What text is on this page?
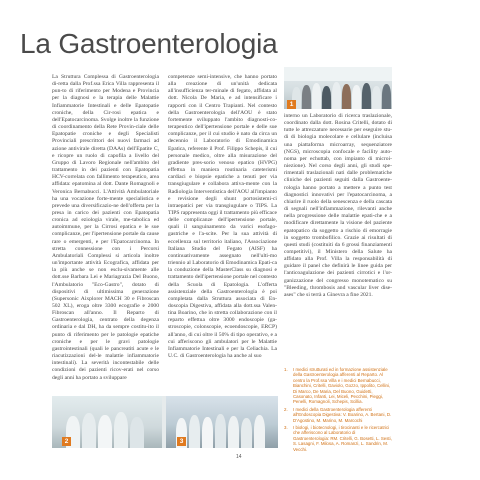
La Gastroenterologia

La Struttura Complessa di Gastroenterologia di-retta dalla Prof.ssa Erica Villa rappresenta il pun-to di riferimento per Modena e Provincia per la diagnosi e la terapia delle Malattie Infiammatorie Intestinali e delle Epatopatie croniche, della Cir-rosi epatica e dell'Epatocarcinoma. Svolge inoltre la funzione di coordinamento della Rete Provin-ciale delle Epatopatie croniche e degli Specialisti Provinciali prescrittori dei nuovi farmaci ad azione antivirale diretta (DAAs) dell'Epatite C, e ricopre un ruolo di capofila a livello del Gruppo di Lavoro Regionale nell'ambito del trattamento in dei pazienti con Epatopatia HCV-correlata con fallimento terapeutico, area affidata: epatomina al dott. Dante Romagnoli e Veronica Bernabucci. L'Attività Ambulatoriale ha una vocazione forte-mente specialistica e prevede una diversificazio-ne dell'offerta per la presa in carico dei pazienti con Epatopatia cronica ad eziologia virale, me-tabolica ed autoimmune, per la Cirrosi epatica e le sue complicanze, per l'ipertensione portale da cause rare o emergenti, e per l'Epatocarcinoma. In stretta connessione con i Percorsi Ambulatoriali Complessi si articola inoltre un'importante attività Ecografica, affidata per la più anche se non esclu-sivamente alle dott.sse Barbara Lei e Mariagrazia Del Buono, l'Ambulatorio "Eco-Gastro", dotato di dispositivi di ultimissima generazione (Supersonic Aixplorer MACH 30 e Fibroscan 502 XL), eroga oltre 3300 ecografie e 2000 Fibroscan all'anno. Il Reparto di Gastroenterologia, centrato della degenza ordinaria e dal DH, ha da sempre costitu-ito il punto di riferimento per le patologie epatiche croniche e per le gravi patologie gastrointestinali (quali le pancreatiti acute e le riacutizzazioni del-le malattie infiammatorie intestinali). La severità incontestabile delle condizioni dei pazienti ricov-erati nel corso degli anni ha portato a sviluppare

competenze semi-intensive, che hanno portato alla creazione di un'unità dedicata all'insufficienza ter-minale di fegato, affidata al dott. Nicola De Maria, e ad intensificare i rapporti con il Centro Trapianti. Nel contesto della Gastroenterologia dell'AOU è stato fortemente sviluppato l'ambito diagnosti-co-terapeutico dell'ipertensione portale e delle sue complicanze, per il cui studio è nato da circa un decennio il Laboratorio di Emodinamica Epatica, referente il Prof. Filippo Schepis, il cui personale medico, oltre alla misurazione del gradiente pres-sorio venoso epatico (HVPG) effettua in maniera routinaria cateterismi cardiaci e biopsie epatiche a tenuti per via transgiugulare e collabora attiva-mente con la Radiologia Interventistica dell'AOU all'impianto e revisione degli shunt portosistemi-ci intraepatici per via transgiugulare o TIPS. La TIPS rappresenta oggi il trattamento più efficace delle complicanze dell'ipertensione portale, quali il sanguinamento da varici esofago-gastriche e l'a-scite. Per la sua attività di eccellenza sul territorio italiano, l'Associazione Italiana Studio del Fegato (AISF) ha continuativamente assegnato nell'ulti-mo triennio al Laboratorio di Emodinamica Epati-ca la conduzione della MasterClass su diagnosi e trattamento dell'ipertensione portale nel contesto della Scuola di Epatologia. L'offerta assistenziale della Gastroenterologia è poi completata dalla Struttura associata di En-doscopia Digestiva, affidata alla dott.ssa Valen-tina Boarino, che in stretta collaborazione con il reparto effettua oltre 3000 endoscopie (ga-stroscopie, colonscopie, ecoendoscopie, ERCP) all'anno, di cui oltre il 50% di tipo operativo, e a cui afferiscono gli ambulatori per le Malattie Infiammatorie Intestinali e per la Celiachia. La U.C. di Gastroenterologia ha anche al suo

1

interno un Laboratorio di ricerca traslazionale, coordinato dalla dott. Rosina Critelli, dotato di tutte le attrezzature necessarie per eseguire stu-di di biologia molecolare e cellulare (incluisa una piattaforma microarray, sequenziatore (NGS), microscopia confocale e facility auto-noma per echuttab, con impianto di microi-niezione). Nel corso degli anni, gli studi spe-rimentali traslazionali nati dalle problematiche cliniche dei pazienti seguiti dalla Gastroente-rologia hanno portato a mettere a punto test diagnostici innovativi per l'epatocarcinoma, a chiarire il ruolo della senescenza e della cascata di segnali nell'infiammazione, rilevanti anche nella progressione delle malattie epati-che e a modificare direttamente la visione del paziente epatopatico da soggetto a rischio di emorragie in soggetto trombofilico. Grazie ai risultati di questi studi (costituiti da 6 grossi finanziamenti competitivi), il Ministero della Salute ha affidato alla Prof. Villa la responsabilità di guidare il panel che definirà le linee guida per l'anticoagulazione dei pazienti cirrotici e l'or-ganizzazione del congresso monotematico su "Bleeding, thrombosis and vascular liver dise-ases" che si terrà a Ginevra a fine 2021.

2	3
1. I medici strutturati ed in formazione assistenziale della Gastroenterologia afferenti al Reparto. Al centro la Prof.ssa Villa e i medici Bernabucci, Bianchini, Critelli, Gaviolo, Gozzo, Ippolito, Cellini, Di Marco, De Maria, Del Buono, Guidetti, Casonato, Infanti, Lei, Miceli, Pecchini, Pieggi, Penelli, Romagnoli, Schepis, Scillia.
2. I medici della Gastroenterologia afferenti all'Endoscopia Digestiva: V. Boarino, A. Bertani, D. D'Agostino, M. Marino, M. Marcochi
3. I biologi, i biotecnologi, i tirocinanti e le ricercatrici che afferiscono al Laboratorio di Gastroenterologia: RM. Critelli, G. Bosetti, L. Sesti, S. Lasagni, F. Milosa, A. Romanzi, L. Sandrin, M. Vecchi.
14
